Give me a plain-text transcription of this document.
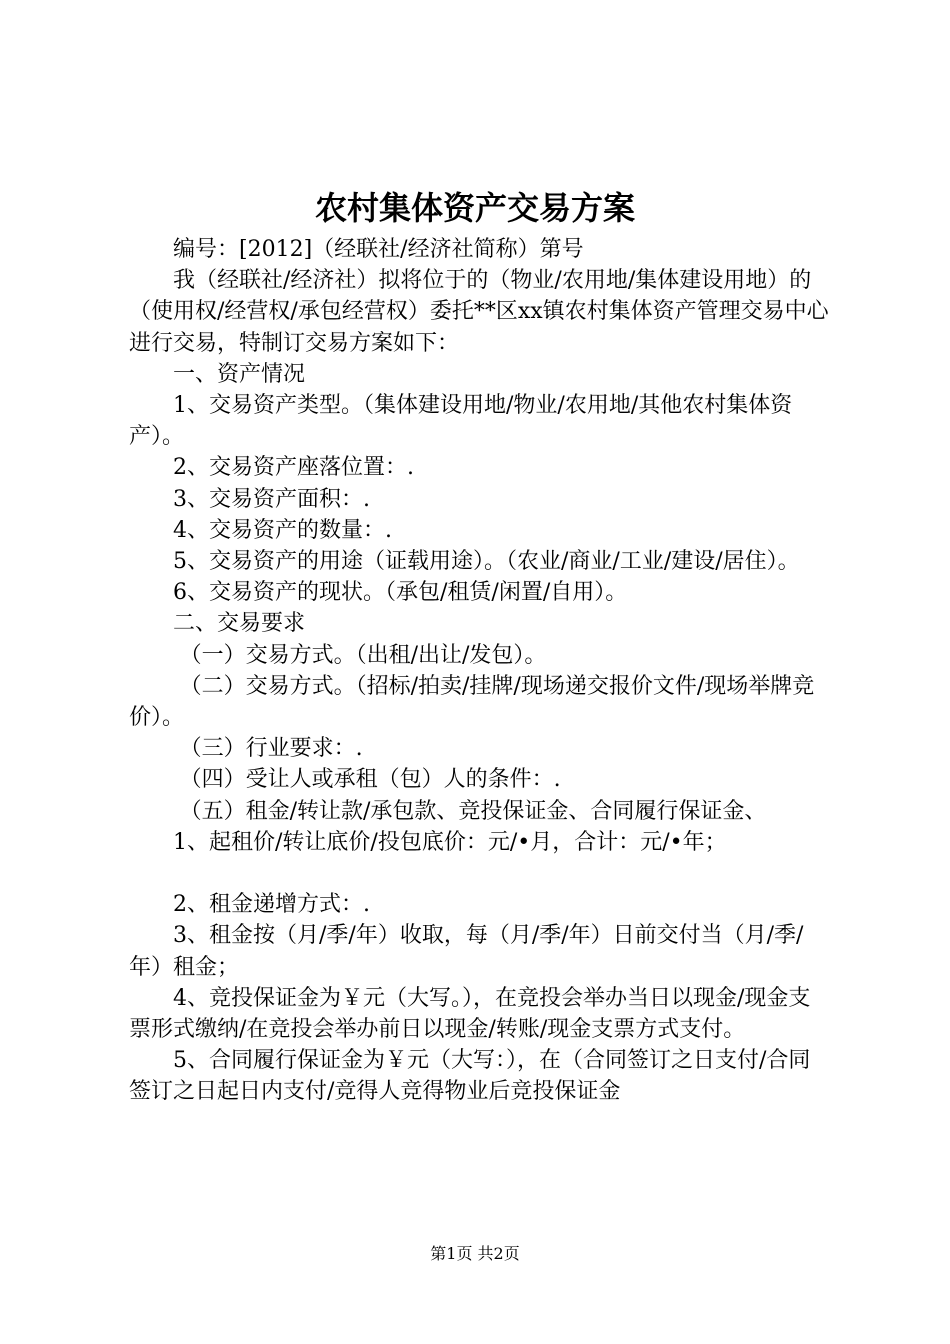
农村集体资产交易方案

编号：[2012]（经联社/经济社简称）第号

我（经联社/经济社）拟将位于的（物业/农用地/集体建设用地）的（使用权/经营权/承包经营权）委托**区xx镇农村集体资产管理交易中心进行交易，特制订交易方案如下：

一、资产情况

1、交易资产类型。（集体建设用地/物业/农用地/其他农村集体资产）。

2、交易资产座落位置：.

3、交易资产面积：.

4、交易资产的数量：.

5、交易资产的用途（证载用途）。（农业/商业/工业/建设/居住）。

6、交易资产的现状。（承包/租赁/闲置/自用）。

二、交易要求

（一）交易方式。（出租/出让/发包）。

（二）交易方式。（招标/拍卖/挂牌/现场递交报价文件/现场举牌竞价）。

（三）行业要求：.

（四）受让人或承租（包）人的条件：.

（五）租金/转让款/承包款、竞投保证金、合同履行保证金、

1、起租价/转让底价/投包底价：元/•月，合计：元/•年；

2、租金递增方式：.

3、租金按（月/季/年）收取，每（月/季/年）日前交付当（月/季/年）租金；

4、竞投保证金为￥元（大写。），在竞投会举办当日以现金/现金支票形式缴纳/在竞投会举办前日以现金/转账/现金支票方式支付。

5、合同履行保证金为￥元（大写：），在（合同签订之日支付/合同签订之日起日内支付/竞得人竞得物业后竞投保证金

第1页 共2页
